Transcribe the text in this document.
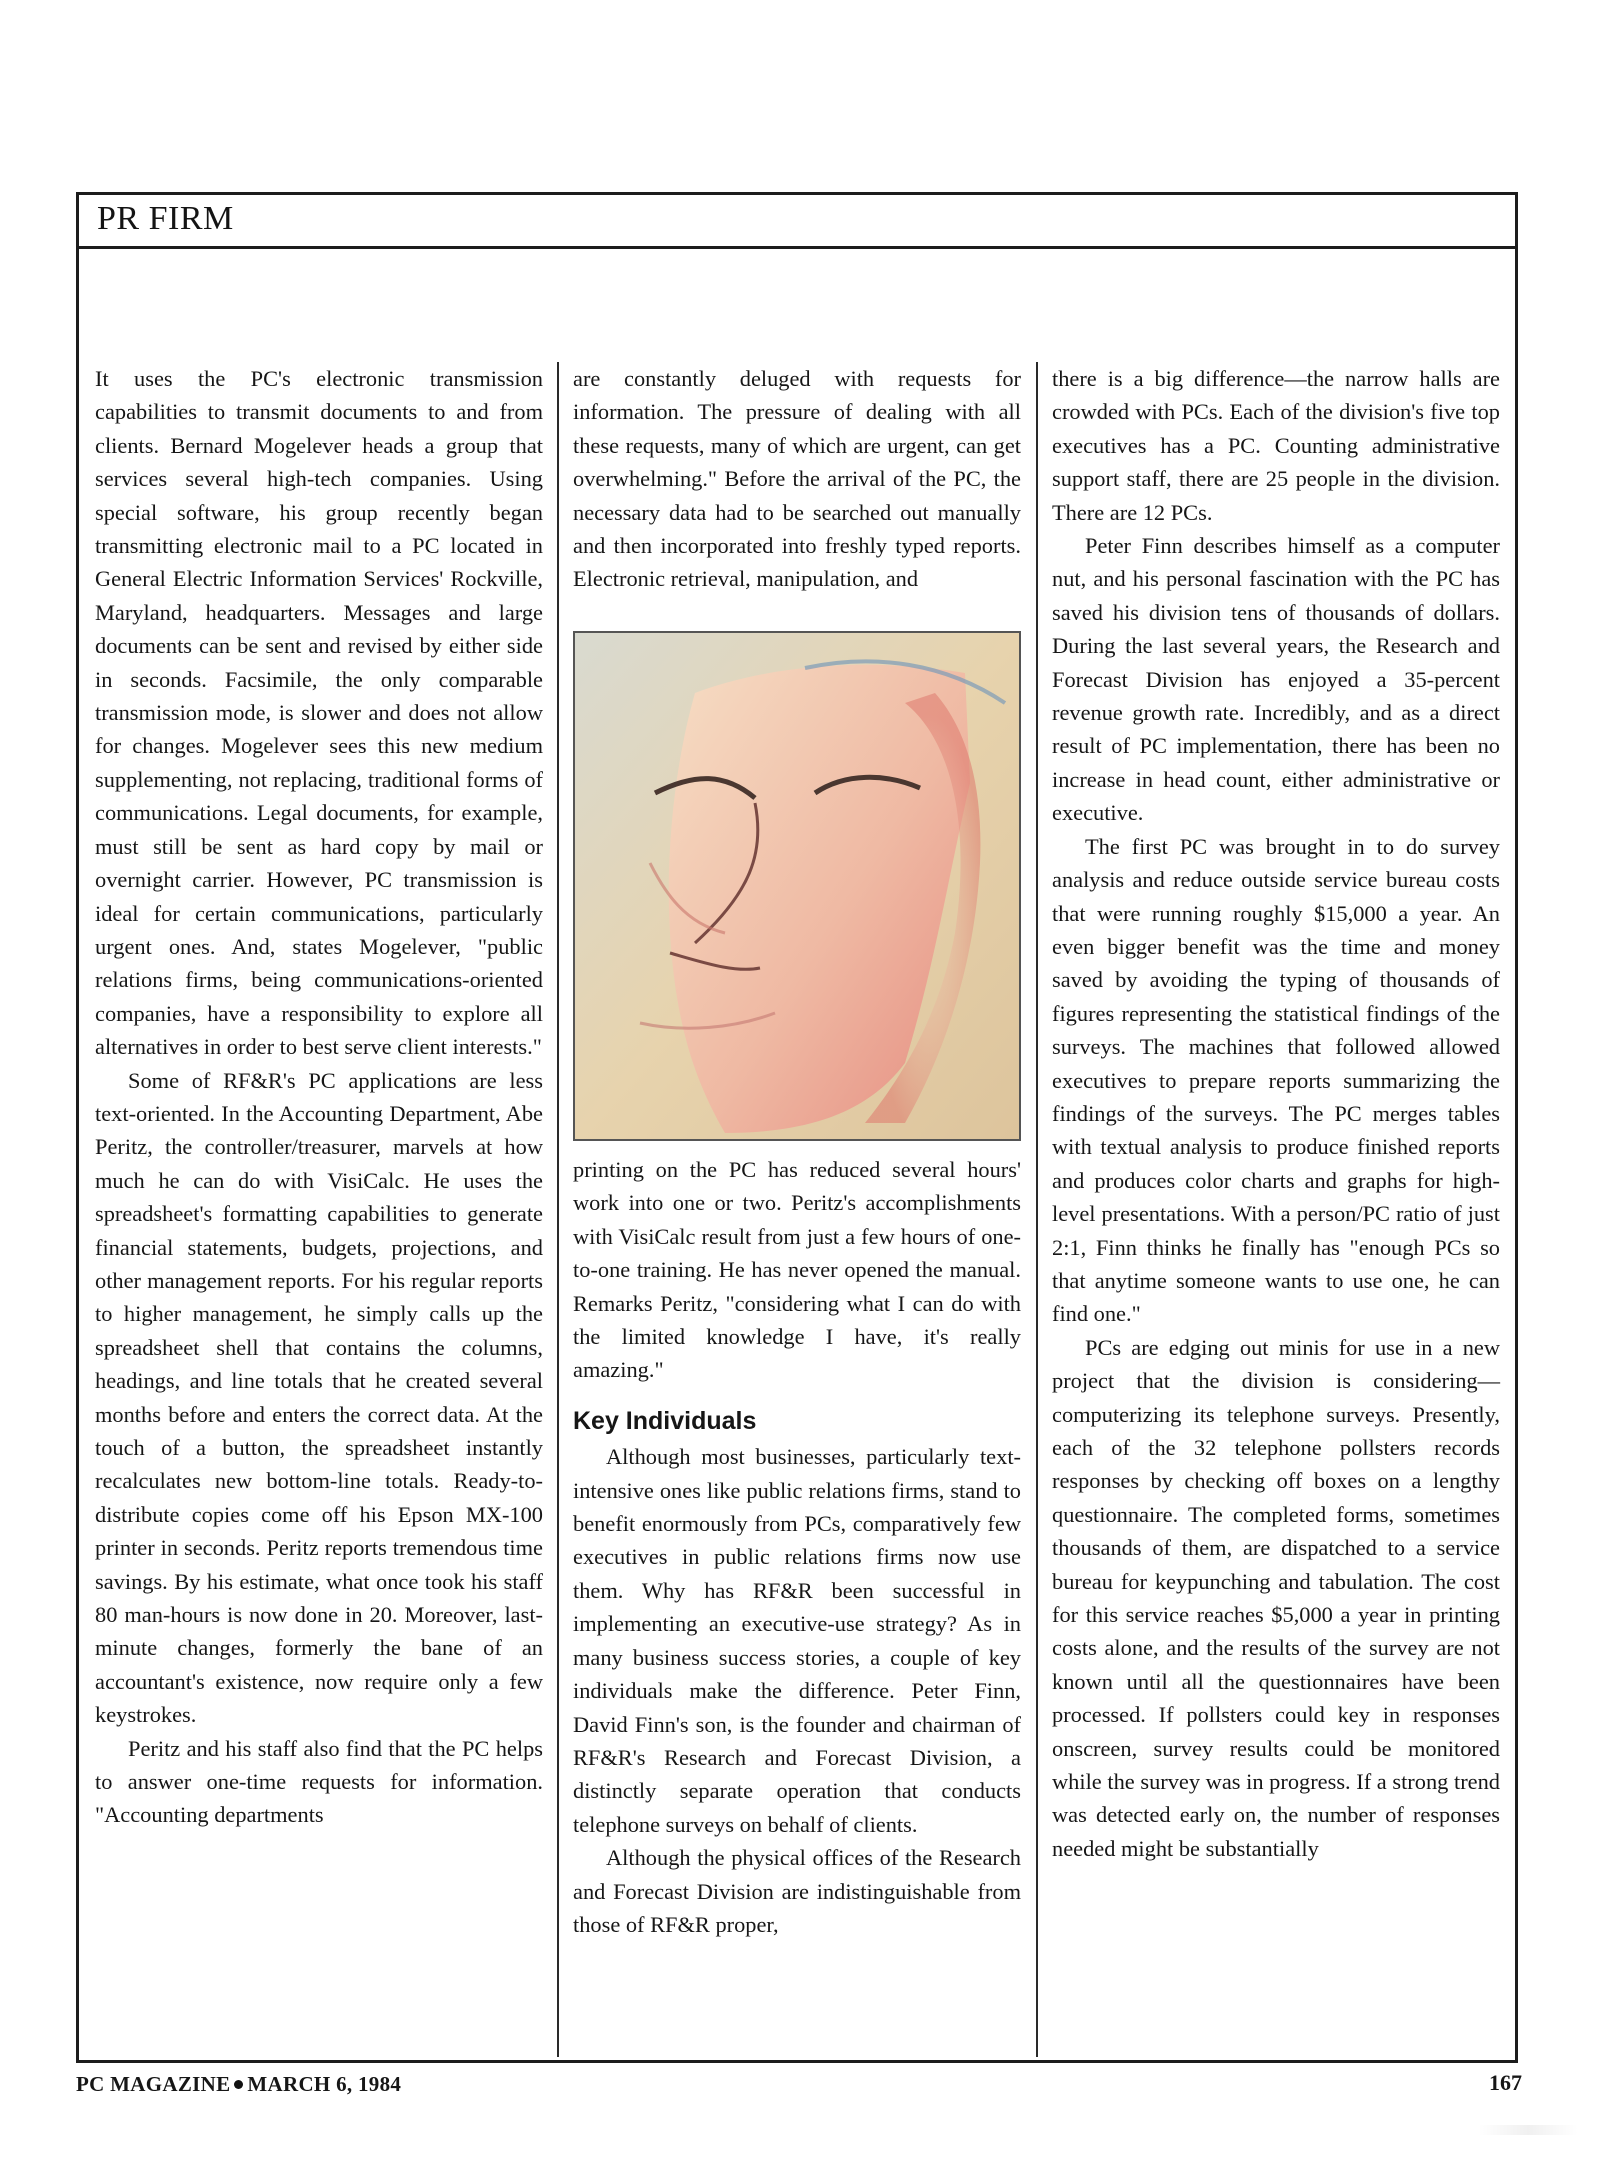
PR FIRM

It uses the PC's electronic transmission capabilities to transmit documents to and from clients. Bernard Mogelever heads a group that services several high-tech companies. Using special software, his group recently began transmitting electronic mail to a PC located in General Electric Information Services' Rockville, Maryland, headquarters. Messages and large documents can be sent and revised by either side in seconds. Facsimile, the only comparable transmission mode, is slower and does not allow for changes. Mogelever sees this new medium supplementing, not replacing, traditional forms of communications. Legal documents, for example, must still be sent as hard copy by mail or overnight carrier. However, PC transmission is ideal for certain communications, particularly urgent ones. And, states Mogelever, "public relations firms, being communications-oriented companies, have a responsibility to explore all alternatives in order to best serve client interests."

Some of RF&R's PC applications are less text-oriented. In the Accounting Department, Abe Peritz, the controller/treasurer, marvels at how much he can do with VisiCalc. He uses the spreadsheet's formatting capabilities to generate financial statements, budgets, projections, and other management reports. For his regular reports to higher management, he simply calls up the spreadsheet shell that contains the columns, headings, and line totals that he created several months before and enters the correct data. At the touch of a button, the spreadsheet instantly recalculates new bottom-line totals. Ready-to-distribute copies come off his Epson MX-100 printer in seconds. Peritz reports tremendous time savings. By his estimate, what once took his staff 80 man-hours is now done in 20. Moreover, last-minute changes, formerly the bane of an accountant's existence, now require only a few keystrokes.

Peritz and his staff also find that the PC helps to answer one-time requests for information. "Accounting departments

are constantly deluged with requests for information. The pressure of dealing with all these requests, many of which are urgent, can get overwhelming." Before the arrival of the PC, the necessary data had to be searched out manually and then incorporated into freshly typed reports. Electronic retrieval, manipulation, and

printing on the PC has reduced several hours' work into one or two. Peritz's accomplishments with VisiCalc result from just a few hours of one-to-one training. He has never opened the manual. Remarks Peritz, "considering what I can do with the limited knowledge I have, it's really amazing."

Key Individuals

Although most businesses, particularly text-intensive ones like public relations firms, stand to benefit enormously from PCs, comparatively few executives in public relations firms now use them. Why has RF&R been successful in implementing an executive-use strategy? As in many business success stories, a couple of key individuals make the difference. Peter Finn, David Finn's son, is the founder and chairman of RF&R's Research and Forecast Division, a distinctly separate operation that conducts telephone surveys on behalf of clients.

Although the physical offices of the Research and Forecast Division are indistinguishable from those of RF&R proper,

there is a big difference—the narrow halls are crowded with PCs. Each of the division's five top executives has a PC. Counting administrative support staff, there are 25 people in the division. There are 12 PCs.

Peter Finn describes himself as a computer nut, and his personal fascination with the PC has saved his division tens of thousands of dollars. During the last several years, the Research and Forecast Division has enjoyed a 35-percent revenue growth rate. Incredibly, and as a direct result of PC implementation, there has been no increase in head count, either administrative or executive.

The first PC was brought in to do survey analysis and reduce outside service bureau costs that were running roughly $15,000 a year. An even bigger benefit was the time and money saved by avoiding the typing of thousands of figures representing the statistical findings of the surveys. The machines that followed allowed executives to prepare reports summarizing the findings of the surveys. The PC merges tables with textual analysis to produce finished reports and produces color charts and graphs for high-level presentations. With a person/PC ratio of just 2:1, Finn thinks he finally has "enough PCs so that anytime someone wants to use one, he can find one."

PCs are edging out minis for use in a new project that the division is considering—computerizing its telephone surveys. Presently, each of the 32 telephone pollsters records responses by checking off boxes on a lengthy questionnaire. The completed forms, sometimes thousands of them, are dispatched to a service bureau for keypunching and tabulation. The cost for this service reaches $5,000 a year in printing costs alone, and the results of the survey are not known until all the questionnaires have been processed. If pollsters could key in responses onscreen, survey results could be monitored while the survey was in progress. If a strong trend was detected early on, the number of responses needed might be substantially

PC MAGAZINE MARCH 6, 1984	167
